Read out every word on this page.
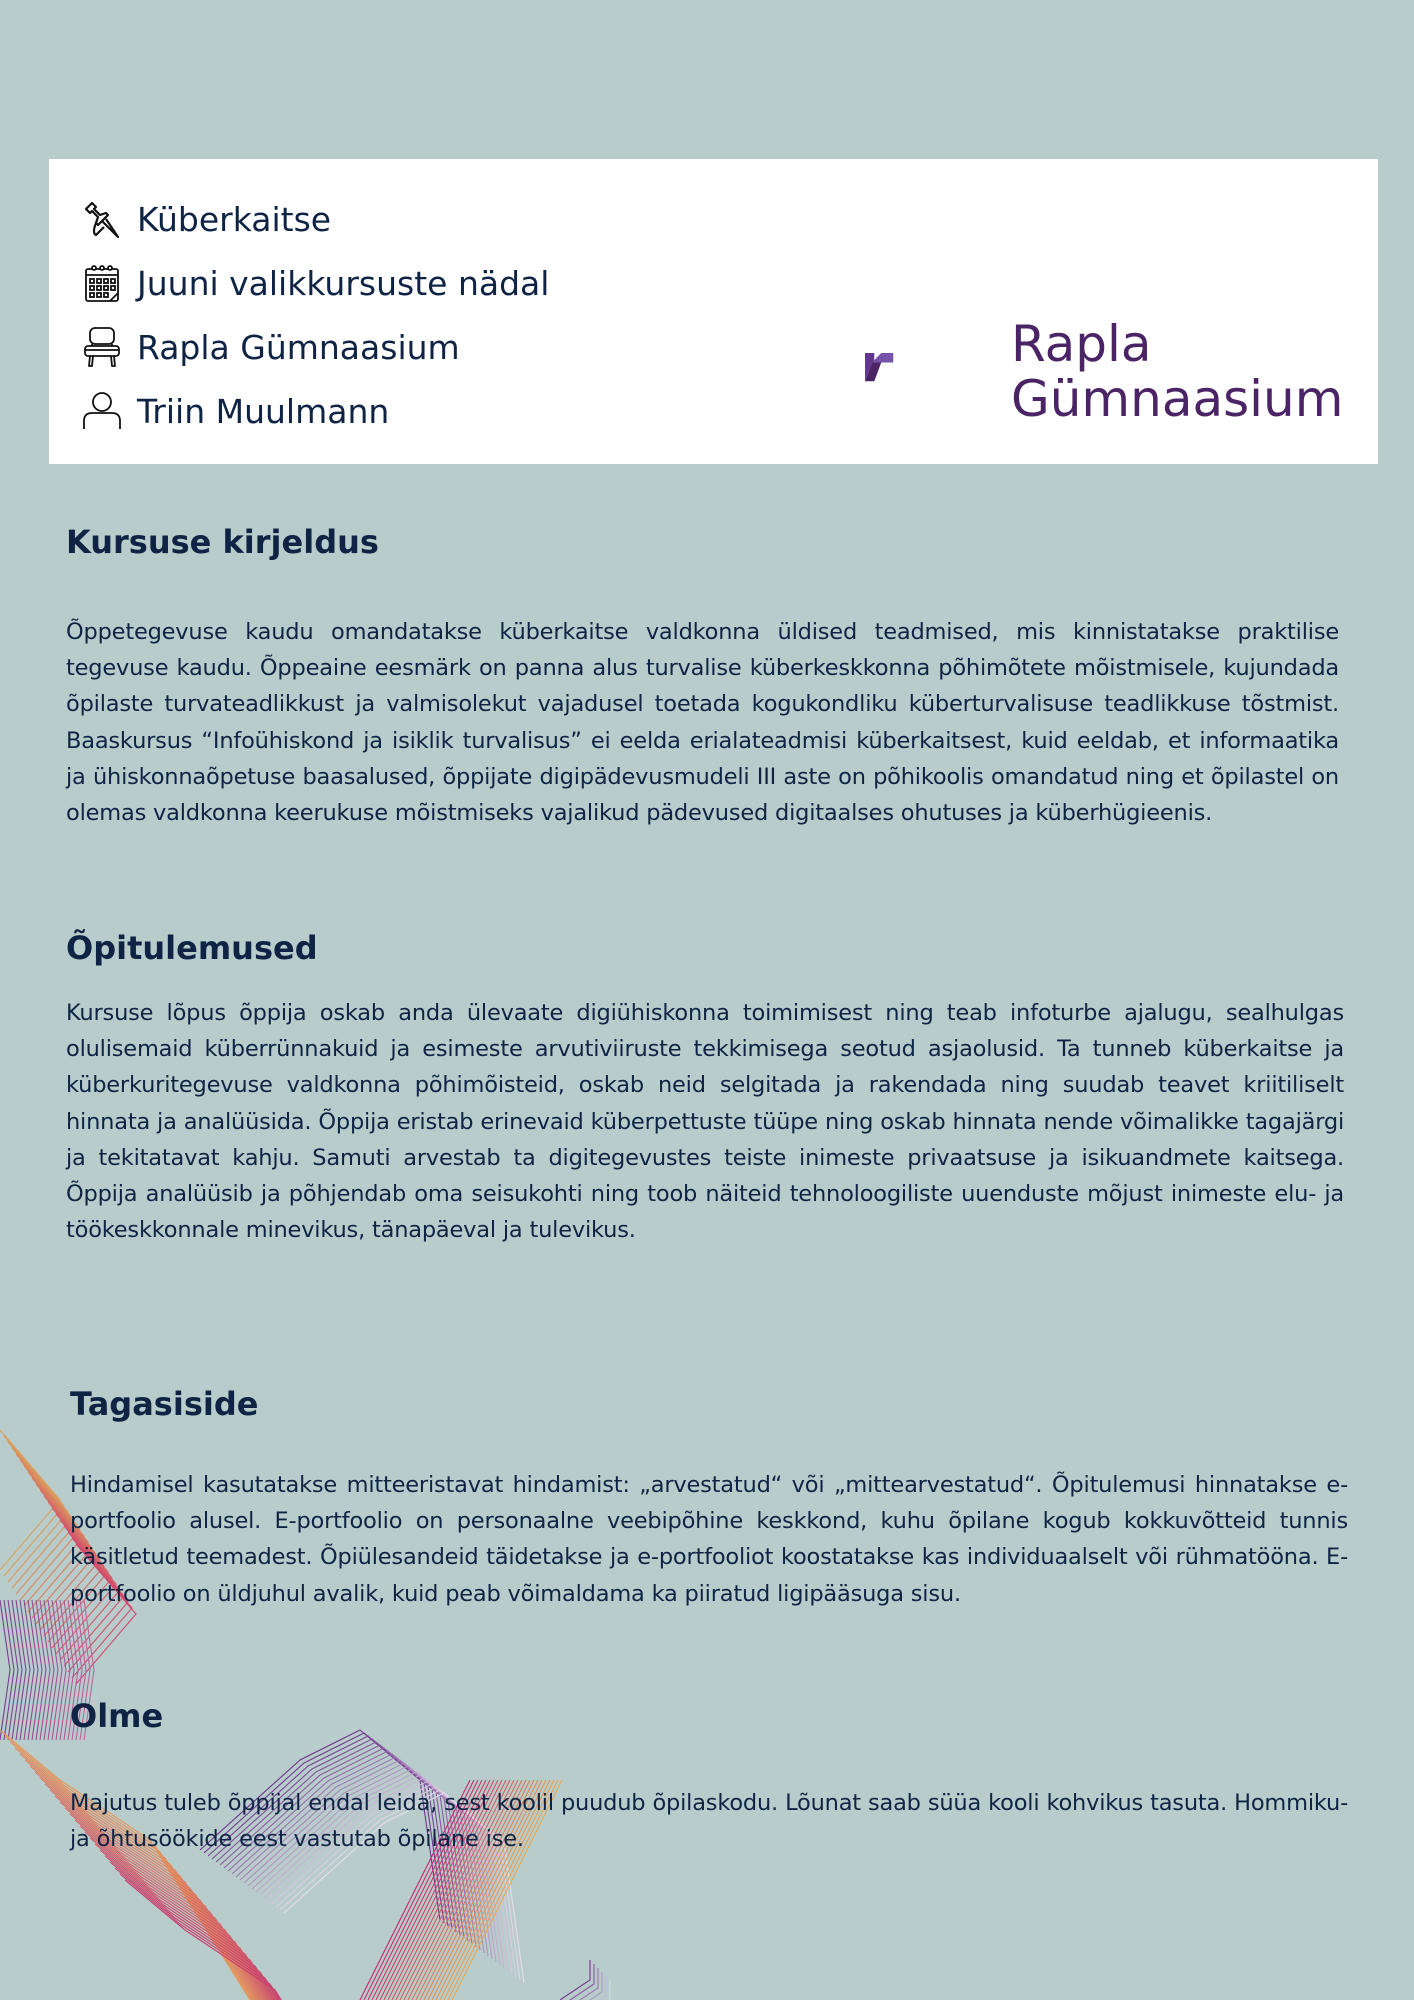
Küberkaitse
Juuni valikkursuste nädal
Rapla Gümnaasium
Triin Muulmann
Rapla
Gümnaasium
Kursuse kirjeldus

Õppetegevuse kaudu omandatakse küberkaitse valdkonna üldised teadmised, mis kinnistatakse praktilise tegevuse kaudu. Õppeaine eesmärk on panna alus turvalise küberkeskkonna põhimõtete mõistmisele, kujundada õpilaste turvateadlikkust ja valmisolekut vajadusel toetada kogukondliku küberturvalisuse teadlikkuse tõstmist. Baaskursus “Infoühiskond ja isiklik turvalisus” ei eelda erialateadmisi küberkaitsest, kuid eeldab, et informaatika ja ühiskonnaõpetuse baasalused, õppijate digipädevusmudeli III aste on põhikoolis omandatud ning et õpilastel on olemas valdkonna keerukuse mõistmiseks vajalikud pädevused digitaalses ohutuses ja küberhügieenis.

Õpitulemused

Kursuse lõpus õppija oskab anda ülevaate digiühiskonna toimimisest ning teab infoturbe ajalugu, sealhulgas olulisemaid küberrünnakuid ja esimeste arvutiviiruste tekkimisega seotud asjaolusid. Ta tunneb küberkaitse ja küberkuritegevuse valdkonna põhimõisteid, oskab neid selgitada ja rakendada ning suudab teavet kriitiliselt hinnata ja analüüsida. Õppija eristab erinevaid küberpettuste tüüpe ning oskab hinnata nende võimalikke tagajärgi ja tekitatavat kahju. Samuti arvestab ta digitegevustes teiste inimeste privaatsuse ja isikuandmete kaitsega. Õppija analüüsib ja põhjendab oma seisukohti ning toob näiteid tehnoloogiliste uuenduste mõjust inimeste elu- ja töökeskkonnale minevikus, tänapäeval ja tulevikus.

Tagasiside

Hindamisel kasutatakse mitteeristavat hindamist: „arvestatud“ või „mittearvestatud“. Õpitulemusi hinnatakse e-portfoolio alusel. E-portfoolio on personaalne veebipõhine keskkond, kuhu õpilane kogub kokkuvõtteid tunnis käsitletud teemadest. Õpiülesandeid täidetakse ja e-portfooliot koostatakse kas individuaalselt või rühmatööna. E-portfoolio on üldjuhul avalik, kuid peab võimaldama ka piiratud ligipääsuga sisu.

Olme

Majutus tuleb õppijal endal leida, sest koolil puudub õpilaskodu. Lõunat saab süüa kooli kohvikus tasuta. Hommiku- ja õhtusöökide eest vastutab õpilane ise.
